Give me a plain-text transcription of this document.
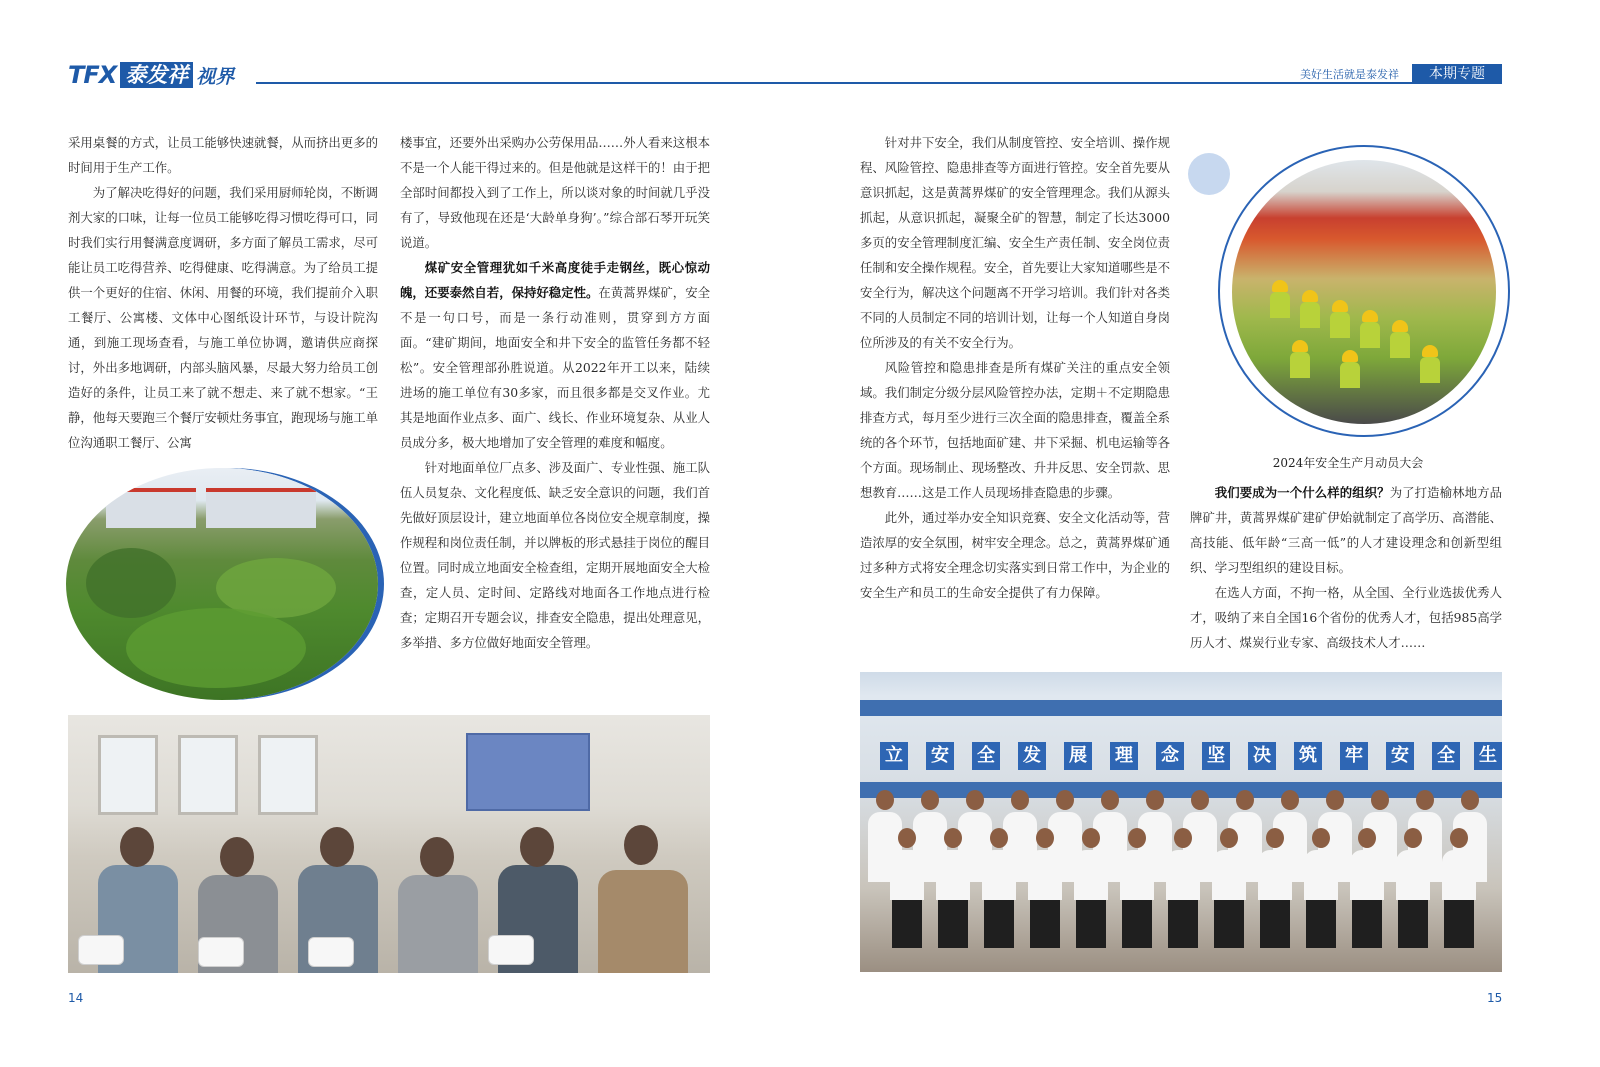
TFX 泰发祥 视界	美好生活就是泰发祥	本期专题

采用桌餐的方式，让员工能够快速就餐，从而挤出更多的时间用于生产工作。

为了解决吃得好的问题，我们采用厨师轮岗，不断调剂大家的口味，让每一位员工能够吃得习惯吃得可口，同时我们实行用餐满意度调研，多方面了解员工需求，尽可能让员工吃得营养、吃得健康、吃得满意。为了给员工提供一个更好的住宿、休闲、用餐的环境，我们提前介入职工餐厅、公寓楼、文体中心图纸设计环节，与设计院沟通，到施工现场查看，与施工单位协调，邀请供应商探讨，外出多地调研，内部头脑风暴，尽最大努力给员工创造好的条件，让员工来了就不想走、来了就不想家。“王静，他每天要跑三个餐厅安顿灶务事宜，跑现场与施工单位沟通职工餐厅、公寓

楼事宜，还要外出采购办公劳保用品……外人看来这根本不是一个人能干得过来的。但是他就是这样干的！由于把全部时间都投入到了工作上，所以谈对象的时间就几乎没有了，导致他现在还是‘大龄单身狗’。”综合部石琴开玩笑说道。

煤矿安全管理犹如千米高度徒手走钢丝，既心惊动魄，还要泰然自若，保持好稳定性。在黄蒿界煤矿，安全不是一句口号，而是一条行动准则，贯穿到方方面面。“建矿期间，地面安全和井下安全的监管任务都不轻松”。安全管理部孙胜说道。从2022年开工以来，陆续进场的施工单位有30多家，而且很多都是交叉作业。尤其是地面作业点多、面广、线长、作业环境复杂、从业人员成分多，极大地增加了安全管理的难度和幅度。

针对地面单位厂点多、涉及面广、专业性强、施工队伍人员复杂、文化程度低、缺乏安全意识的问题，我们首先做好顶层设计，建立地面单位各岗位安全规章制度，操作规程和岗位责任制，并以牌板的形式悬挂于岗位的醒目位置。同时成立地面安全检查组，定期开展地面安全大检查，定人员、定时间、定路线对地面各工作地点进行检查；定期召开专题会议，排查安全隐患，提出处理意见，多举措、多方位做好地面安全管理。

针对井下安全，我们从制度管控、安全培训、操作规程、风险管控、隐患排查等方面进行管控。安全首先要从意识抓起，这是黄蒿界煤矿的安全管理理念。我们从源头抓起，从意识抓起，凝聚全矿的智慧，制定了长达3000多页的安全管理制度汇编、安全生产责任制、安全岗位责任制和安全操作规程。安全，首先要让大家知道哪些是不安全行为，解决这个问题离不开学习培训。我们针对各类不同的人员制定不同的培训计划，让每一个人知道自身岗位所涉及的有关不安全行为。

风险管控和隐患排查是所有煤矿关注的重点安全领域。我们制定分级分层风险管控办法，定期＋不定期隐患排查方式，每月至少进行三次全面的隐患排查，覆盖全系统的各个环节，包括地面矿建、井下采掘、机电运输等各个方面。现场制止、现场整改、升井反思、安全罚款、思想教育……这是工作人员现场排查隐患的步骤。

此外，通过举办安全知识竞赛、安全文化活动等，营造浓厚的安全氛围，树牢安全理念。总之，黄蒿界煤矿通过多种方式将安全理念切实落实到日常工作中，为企业的安全生产和员工的生命安全提供了有力保障。

我们要成为一个什么样的组织？为了打造榆林地方品牌矿井，黄蒿界煤矿建矿伊始就制定了高学历、高潜能、高技能、低年龄“三高一低”的人才建设理念和创新型组织、学习型组织的建设目标。

在选人方面，不拘一格，从全国、全行业选拔优秀人才，吸纳了来自全国16个省份的优秀人才，包括985高学历人才、煤炭行业专家、高级技术人才……

2024年安全生产月动员大会
立 安 全 发 展 理 念 坚 决 筑 牢 安 全 生
14	15
